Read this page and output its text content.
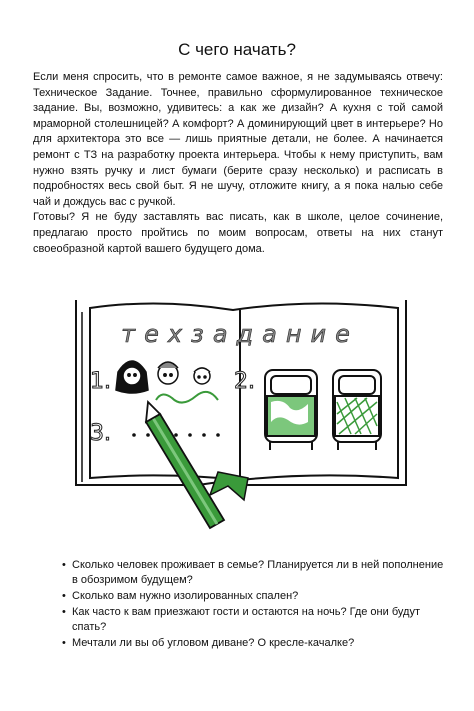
С чего начать?

Если меня спросить, что в ремонте самое важное, я не задумываясь отвечу: Техническое Задание. Точнее, правильно сформулированное техническое задание. Вы, возможно, удивитесь: а как же дизайн? А кухня с той самой мраморной столешницей? А комфорт? А доминирующий цвет в интерьере? Но для архитектора это все — лишь приятные детали, не более. А начинается ремонт с ТЗ на разработку проекта интерьера. Чтобы к нему приступить, вам нужно взять ручку и лист бумаги (берите сразу несколько) и расписать в подробностях весь свой быт. Я не шучу, отложите книгу, а я пока налью себе чай и дождусь вас с ручкой.

Готовы? Я не буду заставлять вас писать, как в школе, целое сочинение, предлагаю просто пройтись по моим вопросам, ответы на них станут своеобразной картой вашего будущего дома.

техзадание
1.	2.
3.
• Сколько человек проживает в семье? Планируется ли в ней пополнение в обозримом будущем?
• Сколько вам нужно изолированных спален?
• Как часто к вам приезжают гости и остаются на ночь? Где они будут спать?
• Мечтали ли вы об угловом диване? О кресле-качалке?
